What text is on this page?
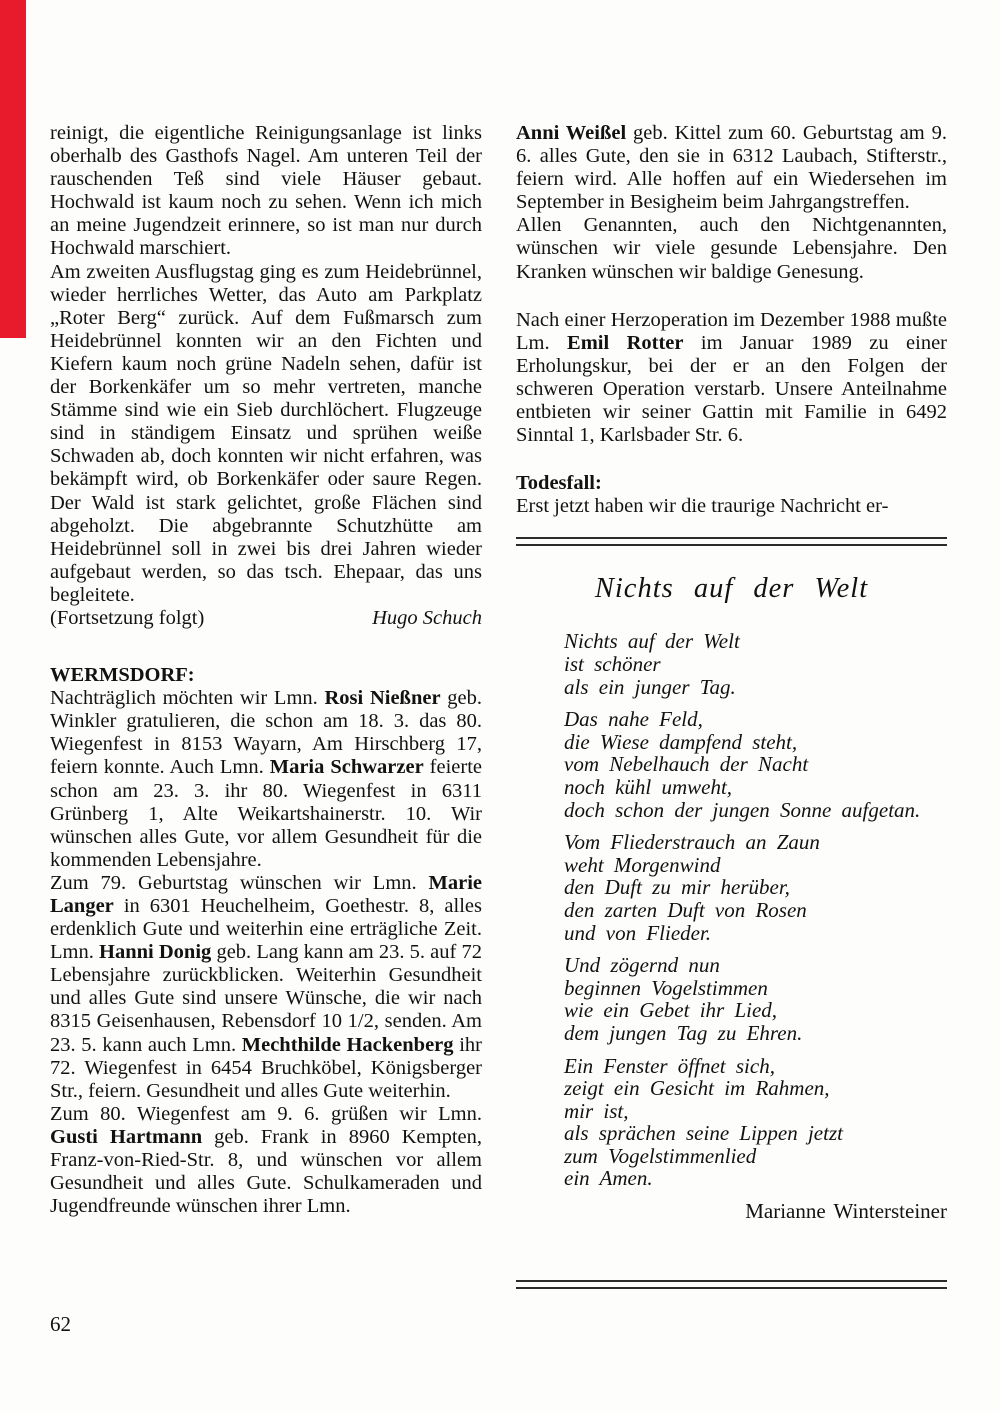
reinigt, die eigentliche Reinigungsanlage ist links oberhalb des Gasthofs Nagel. Am unteren Teil der rauschenden Teß sind viele Häuser gebaut. Hochwald ist kaum noch zu sehen. Wenn ich mich an meine Jugendzeit erinnere, so ist man nur durch Hochwald marschiert.

Am zweiten Ausflugstag ging es zum Heidebrünnel, wieder herrliches Wetter, das Auto am Parkplatz „Roter Berg“ zurück. Auf dem Fußmarsch zum Heidebrünnel konnten wir an den Fichten und Kiefern kaum noch grüne Nadeln sehen, dafür ist der Borkenkäfer um so mehr vertreten, manche Stämme sind wie ein Sieb durchlöchert. Flugzeuge sind in ständigem Einsatz und sprühen weiße Schwaden ab, doch konnten wir nicht erfahren, was bekämpft wird, ob Borkenkäfer oder saure Regen. Der Wald ist stark gelichtet, große Flächen sind abgeholzt. Die abgebrannte Schutzhütte am Heidebrünnel soll in zwei bis drei Jahren wieder aufgebaut werden, so das tsch. Ehepaar, das uns begleitete.

(Fortsetzung folgt)	Hugo Schuch
WERMSDORF:

Nachträglich möchten wir Lmn. Rosi Nießner geb. Winkler gratulieren, die schon am 18. 3. das 80. Wiegenfest in 8153 Wayarn, Am Hirschberg 17, feiern konnte. Auch Lmn. Maria Schwarzer feierte schon am 23. 3. ihr 80. Wiegenfest in 6311 Grünberg 1, Alte Weikartshainerstr. 10. Wir wünschen alles Gute, vor allem Gesundheit für die kommenden Lebensjahre.

Zum 79. Geburtstag wünschen wir Lmn. Marie Langer in 6301 Heuchelheim, Goethestr. 8, alles erdenklich Gute und weiterhin eine erträgliche Zeit. Lmn. Hanni Donig geb. Lang kann am 23. 5. auf 72 Lebensjahre zurückblicken. Weiterhin Gesundheit und alles Gute sind unsere Wünsche, die wir nach 8315 Geisenhausen, Rebensdorf 10 1/2, senden. Am 23. 5. kann auch Lmn. Mechthilde Hackenberg ihr 72. Wiegenfest in 6454 Bruchköbel, Königsberger Str., feiern. Gesundheit und alles Gute weiterhin.

Zum 80. Wiegenfest am 9. 6. grüßen wir Lmn. Gusti Hartmann geb. Frank in 8960 Kempten, Franz-von-Ried-Str. 8, und wünschen vor allem Gesundheit und alles Gute. Schulkameraden und Jugendfreunde wünschen ihrer Lmn.

Anni Weißel geb. Kittel zum 60. Geburtstag am 9. 6. alles Gute, den sie in 6312 Laubach, Stifterstr., feiern wird. Alle hoffen auf ein Wiedersehen im September in Besigheim beim Jahrgangstreffen.

Allen Genannten, auch den Nichtgenannten, wünschen wir viele gesunde Lebensjahre. Den Kranken wünschen wir baldige Genesung.

Nach einer Herzoperation im Dezember 1988 mußte Lm. Emil Rotter im Januar 1989 zu einer Erholungskur, bei der er an den Folgen der schweren Operation verstarb. Unsere Anteilnahme entbieten wir seiner Gattin mit Familie in 6492 Sinntal 1, Karlsbader Str. 6.

Todesfall:

Erst jetzt haben wir die traurige Nachricht er-

Nichts auf der Welt
Nichts auf der Welt
ist schöner
als ein junger Tag.
Das nahe Feld,
die Wiese dampfend steht,
vom Nebelhauch der Nacht
noch kühl umweht,
doch schon der jungen Sonne aufgetan.
Vom Fliederstrauch an Zaun
weht Morgenwind
den Duft zu mir herüber,
den zarten Duft von Rosen
und von Flieder.
Und zögernd nun
beginnen Vogelstimmen
wie ein Gebet ihr Lied,
dem jungen Tag zu Ehren.
Ein Fenster öffnet sich,
zeigt ein Gesicht im Rahmen,
mir ist,
als sprächen seine Lippen jetzt
zum Vogelstimmenlied
ein Amen.
Marianne Wintersteiner
62
